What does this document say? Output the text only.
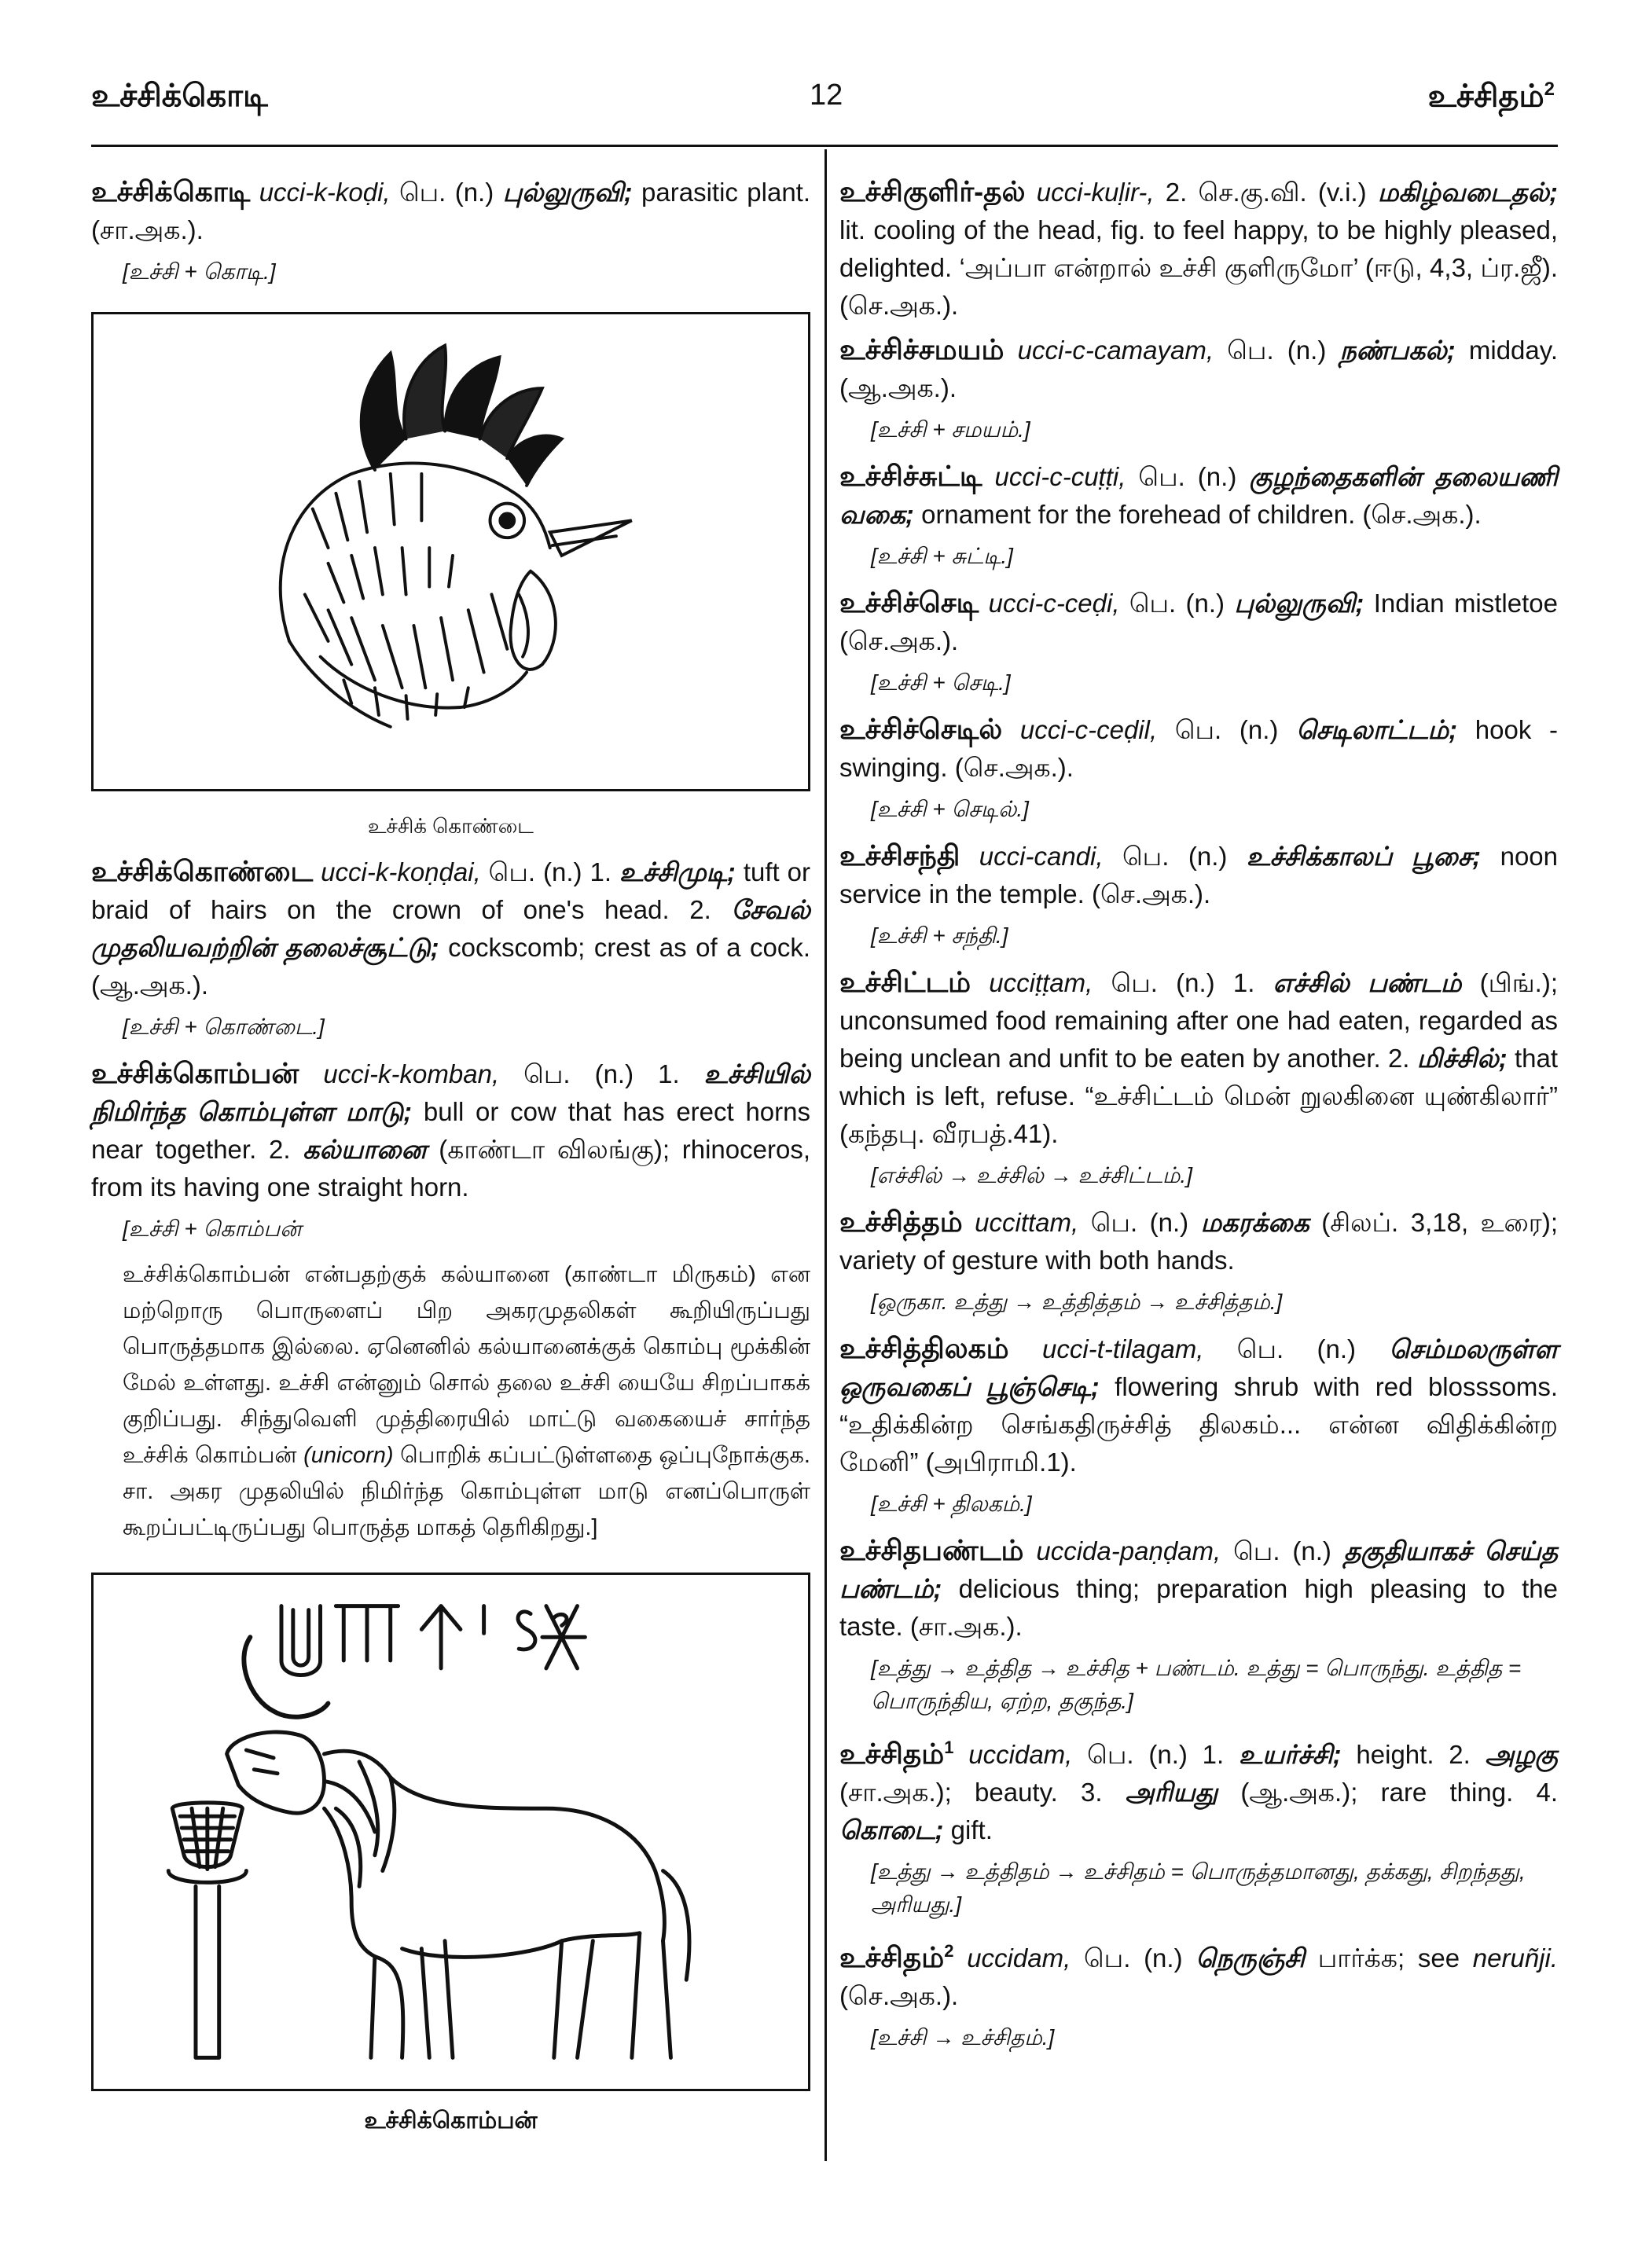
உச்சிக்கொடி	12	உச்சிதம்$^2$
உச்சிக்கொடி ucci-k-koḍi, பெ. (n.) புல்லுருவி; parasitic plant. (சா.அக.).
[உச்சி + கொடி.]
உச்சிக் கொண்டை
உச்சிக்கொண்டை ucci-k-koṇḍai, பெ. (n.) 1. உச்சிமுடி; tuft or braid of hairs on the crown of one's head. 2. சேவல் முதலியவற்றின் தலைச்சூட்டு; cockscomb; crest as of a cock. (ஆ.அக.).
[உச்சி + கொண்டை.]
உச்சிக்கொம்பன் ucci-k-komban, பெ. (n.) 1. உச்சியில் நிமிர்ந்த கொம்புள்ள மாடு; bull or cow that has erect horns near together. 2. கல்யானை (காண்டா விலங்கு); rhinoceros, from its having one straight horn.
[உச்சி + கொம்பன்
உச்சிக்கொம்பன் என்பதற்குக் கல்யானை (காண்டா மிருகம்) என மற்றொரு பொருளைப் பிற அகரமுதலிகள் கூறியிருப்பது பொருத்தமாக இல்லை. ஏனெனில் கல்யானைக்குக் கொம்பு மூக்கின் மேல் உள்ளது. உச்சி என்னும் சொல் தலை உச்சி யையே சிறப்பாகக் குறிப்பது. சிந்துவெளி முத்திரையில் மாட்டு வகையைச் சார்ந்த உச்சிக் கொம்பன் (unicorn) பொறிக் கப்பட்டுள்ளதை ஒப்புநோக்குக. சா. அகர முதலியில் நிமிர்ந்த கொம்புள்ள மாடு எனப்பொருள் கூறப்பட்டிருப்பது பொருத்த மாகத் தெரிகிறது.]
உச்சிக்கொம்பன்
உச்சிகுளிர்-தல் ucci-kuḷir-, 2. செ.கு.வி. (v.i.) மகிழ்வடைதல்; lit. cooling of the head, fig. to feel happy, to be highly pleased, delighted. ‘அப்பா என்றால் உச்சி குளிருமோ’ (ஈடு, 4,3, ப்ர.ஜீ). (செ.அக.).
உச்சிச்சமயம் ucci-c-camayam, பெ. (n.) நண்பகல்; midday. (ஆ.அக.).
[உச்சி + சமயம்.]
உச்சிச்சுட்டி ucci-c-cuṭṭi, பெ. (n.) குழந்தைகளின் தலையணி வகை; ornament for the forehead of children. (செ.அக.).
[உச்சி + சுட்டி.]
உச்சிச்செடி ucci-c-ceḍi, பெ. (n.) புல்லுருவி; Indian mistletoe (செ.அக.).
[உச்சி + செடி.]
உச்சிச்செடில் ucci-c-ceḍil, பெ. (n.) செடிலாட்டம்; hook - swinging. (செ.அக.).
[உச்சி + செடில்.]
உச்சிசந்தி ucci-candi, பெ. (n.) உச்சிக்காலப் பூசை; noon service in the temple. (செ.அக.).
[உச்சி + சந்தி.]
உச்சிட்டம் ucciṭṭam, பெ. (n.) 1. எச்சில் பண்டம் (பிங்.); unconsumed food remaining after one had eaten, regarded as being unclean and unfit to be eaten by another. 2. மிச்சில்; that which is left, refuse. “உச்சிட்டம் மென் றுலகினை யுண்கிலார்” (கந்தபு. வீரபத்.41).
[எச்சில் → உச்சில் → உச்சிட்டம்.]
உச்சித்தம் uccittam, பெ. (n.) மகரக்கை (சிலப். 3,18, உரை); variety of gesture with both hands.
[ஒருகா. உத்து → உத்தித்தம் → உச்சித்தம்.]
உச்சித்திலகம் ucci-t-tilagam, பெ. (n.) செம்மலருள்ள ஒருவகைப் பூஞ்செடி; flowering shrub with red blosssoms. “உதிக்கின்ற செங்கதிருச்சித் திலகம்... என்ன விதிக்கின்ற மேனி” (அபிராமி.1).
[உச்சி + திலகம்.]
உச்சிதபண்டம் uccida-paṇḍam, பெ. (n.) தகுதியாகச் செய்த பண்டம்; delicious thing; preparation high pleasing to the taste. (சா.அக.).
[உத்து → உத்தித → உச்சித + பண்டம். உத்து = பொருந்து. உத்தித = பொருந்திய, ஏற்ற, தகுந்த.]
உச்சிதம்$^1$ uccidam, பெ. (n.) 1. உயர்ச்சி; height. 2. அழகு (சா.அக.); beauty. 3. அரியது (ஆ.அக.); rare thing. 4. கொடை; gift.
[உத்து → உத்திதம் → உச்சிதம் = பொருத்தமானது, தக்கது, சிறந்தது, அரியது.]
உச்சிதம்$^2$ uccidam, பெ. (n.) நெருஞ்சி பார்க்க; see neruñji. (செ.அக.).
[உச்சி → உச்சிதம்.]
